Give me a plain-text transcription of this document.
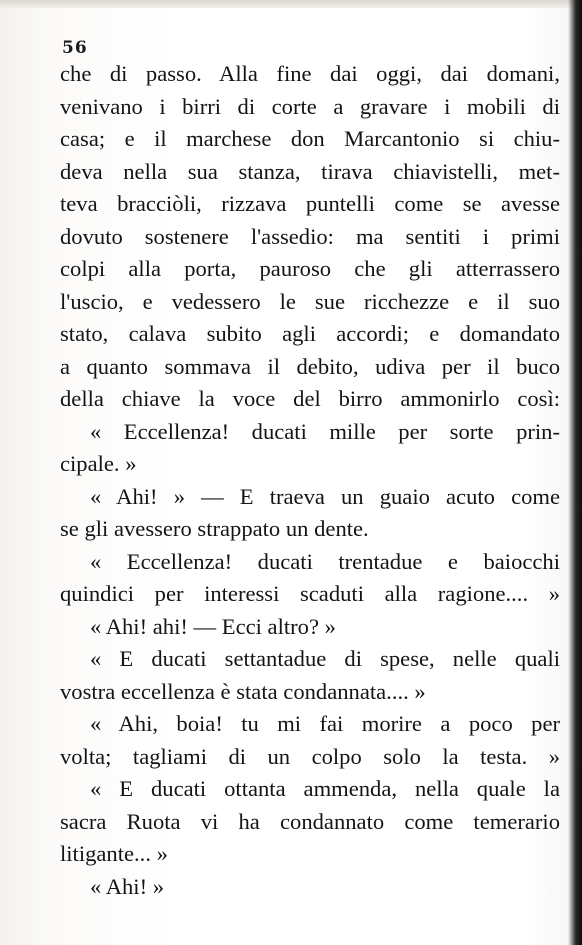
56
che di passo. Alla fine dai oggi, dai domani,
venivano i birri di corte a gravare i mobili di
casa; e il marchese don Marcantonio si chiu-
deva nella sua stanza, tirava chiavistelli, met-
teva bracciòli, rizzava puntelli come se avesse
dovuto sostenere l'assedio: ma sentiti i primi
colpi alla porta, pauroso che gli atterrassero
l'uscio, e vedessero le sue ricchezze e il suo
stato, calava subito agli accordi; e domandato
a quanto sommava il debito, udiva per il buco
della chiave la voce del birro ammonirlo così:
« Eccellenza! ducati mille per sorte prin-
cipale. »
« Ahi! » — E traeva un guaio acuto come
se gli avessero strappato un dente.
« Eccellenza! ducati trentadue e baiocchi
quindici per interessi scaduti alla ragione.... »
« Ahi! ahi! — Ecci altro? »
« E ducati settantadue di spese, nelle quali
vostra eccellenza è stata condannata.... »
« Ahi, boia! tu mi fai morire a poco per
volta; tagliami di un colpo solo la testa. »
« E ducati ottanta ammenda, nella quale la
sacra Ruota vi ha condannato come temerario
litigante... »
« Ahi! »
